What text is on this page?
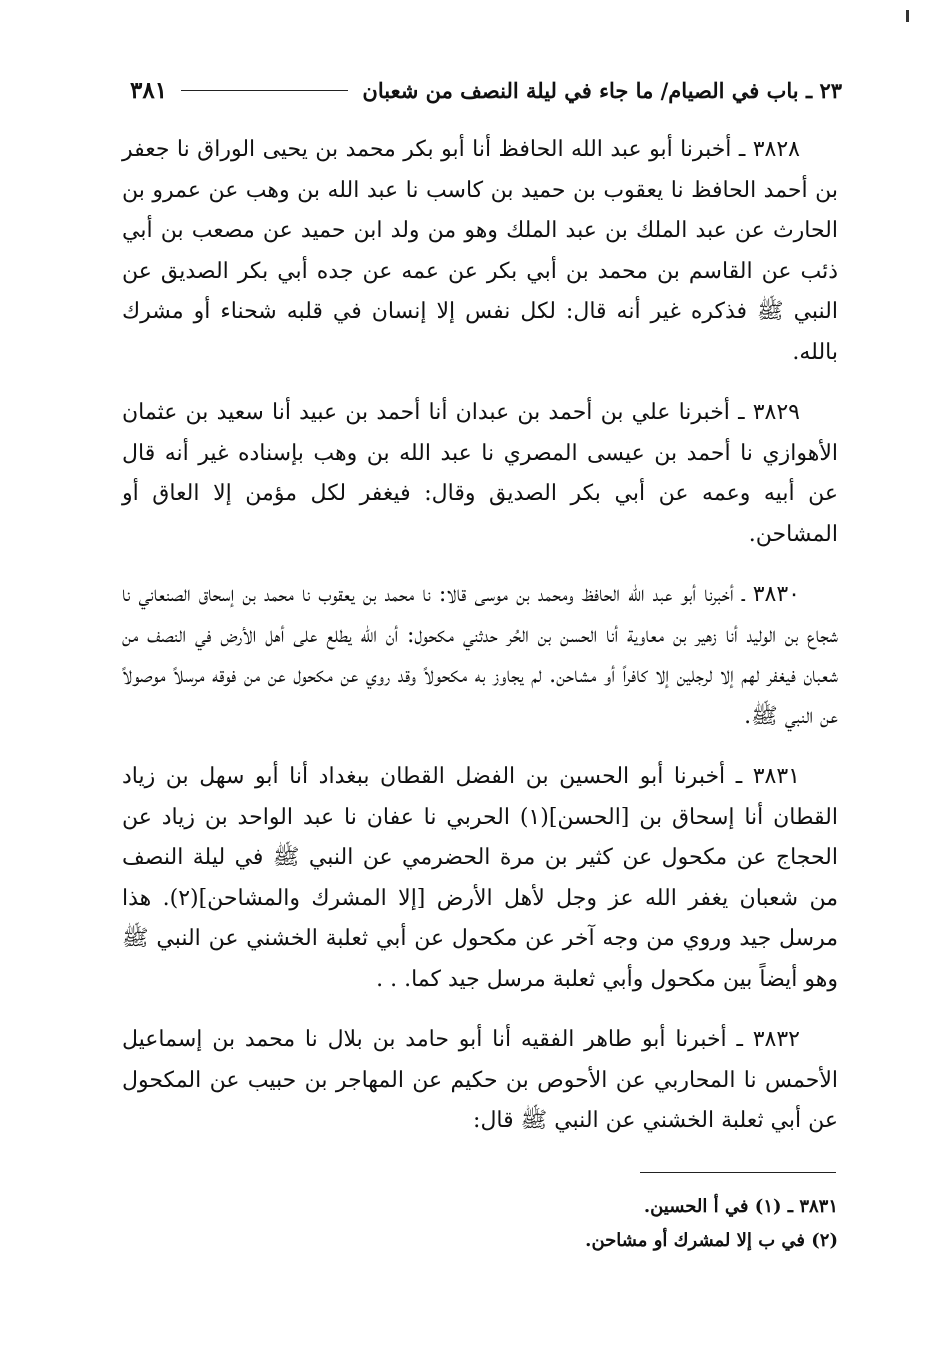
٢٣ ـ باب في الصيام/ ما جاء في ليلة النصف من شعبان
٣٨١

٣٨٢٨ ـ أخبرنا أبو عبد الله الحافظ أنا أبو بكر محمد بن يحيى الوراق نا جعفر بن أحمد الحافظ نا يعقوب بن حميد بن كاسب نا عبد الله بن وهب عن عمرو بن الحارث عن عبد الملك بن عبد الملك وهو من ولد ابن حميد عن مصعب بن أبي ذئب عن القاسم بن محمد بن أبي بكر عن عمه عن جده أبي بكر الصديق عن النبي ﷺ فذكره غير أنه قال: لكل نفس إلا إنسان في قلبه شحناء أو مشرك بالله.

٣٨٢٩ ـ أخبرنا علي بن أحمد بن عبدان أنا أحمد بن عبيد أنا سعيد بن عثمان الأهوازي نا أحمد بن عيسى المصري نا عبد الله بن وهب بإسناده غير أنه قال عن أبيه وعمه عن أبي بكر الصديق وقال: فيغفر لكل مؤمن إلا العاق أو المشاحن.

٣٨٣٠ ـ أخبرنا أبو عبد الله الحافظ ومحمد بن موسى قالا: نا محمد بن يعقوب نا محمد بن إسحاق الصنعاني نا شجاع بن الوليد أنا زهير بن معاوية أنا الحسن بن الحُر حدثني مكحول: أن الله يطلع على أهل الأرض في النصف من شعبان فيغفر لهم إلا لرجلين إلا كافراً أو مشاحن. لم يجاوز به مكحولاً وقد روي عن مكحول عن من فوقه مرسلاً موصولاً عن النبي ﷺ.

٣٨٣١ ـ أخبرنا أبو الحسين بن الفضل القطان ببغداد أنا أبو سهل بن زياد القطان أنا إسحاق بن [الحسن](١) الحربي نا عفان نا عبد الواحد بن زياد عن الحجاج عن مكحول عن كثير بن مرة الحضرمي عن النبي ﷺ في ليلة النصف من شعبان يغفر الله عز وجل لأهل الأرض [إلا المشرك والمشاحن](٢). هذا مرسل جيد وروي من وجه آخر عن مكحول عن أبي ثعلبة الخشني عن النبي ﷺ وهو أيضاً بين مكحول وأبي ثعلبة مرسل جيد كما. . .

٣٨٣٢ ـ أخبرنا أبو طاهر الفقيه أنا أبو حامد بن بلال نا محمد بن إسماعيل الأحمس نا المحاربي عن الأحوص بن حكيم عن المهاجر بن حبيب عن المكحول عن أبي ثعلبة الخشني عن النبي ﷺ قال:

٣٨٣١ ـ (١) في أ الحسين.

(٢) في ب إلا لمشرك أو مشاحن.
